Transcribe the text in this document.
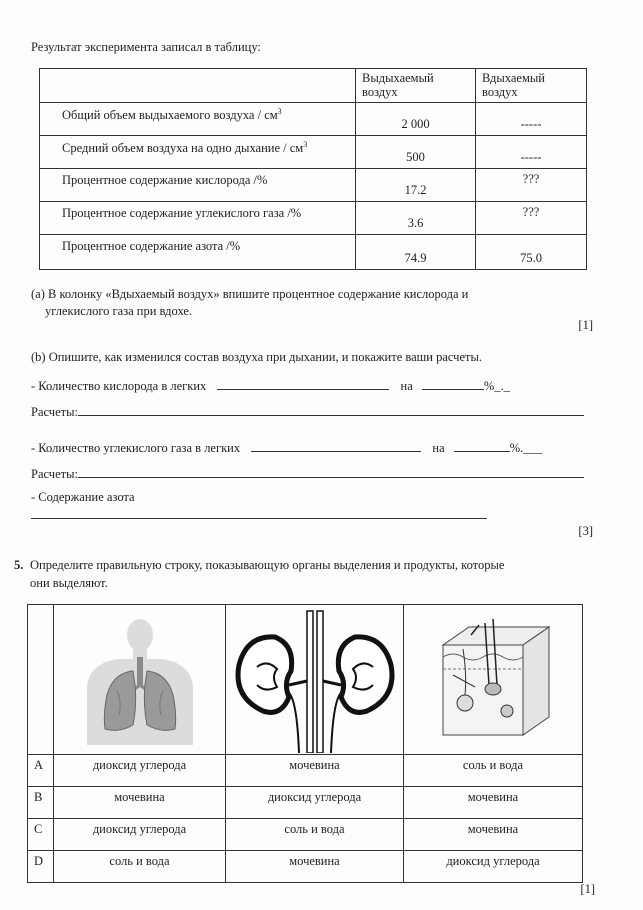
Результат эксперимента записал в таблицу:
	Выдыхаемый воздух	Вдыхаемый воздух
Общий объем выдыхаемого воздуха / $см^3$	2 000	-----
Средний объем воздуха на одно дыхание / $см^3$	500	-----
Процентное содержание кислорода /%	17.2	???
Процентное содержание углекислого газа /%	3.6	???
Процентное содержание азота /%	74.9	75.0
(a) В колонку «Вдыхаемый воздух» впишите процентное содержание кислорода и
углекислого газа при вдохе.
[1]
(b) Опишите, как изменился состав воздуха при дыхании, и покажите ваши расчеты.
- Количество кислорода в легких	на	%_._
Расчеты:
- Количество углекислого газа в легких	на	%.___
Расчеты:
- Содержание азота
[3]
5. Определите правильную строку, показывающую органы выделения и продукты, которые
они выделяют.

A	диоксид углерода	мочевина	соль и вода
B	мочевина	диоксид углерода	мочевина
C	диоксид углерода	соль и вода	мочевина
D	соль и вода	мочевина	диоксид углерода
[1]
